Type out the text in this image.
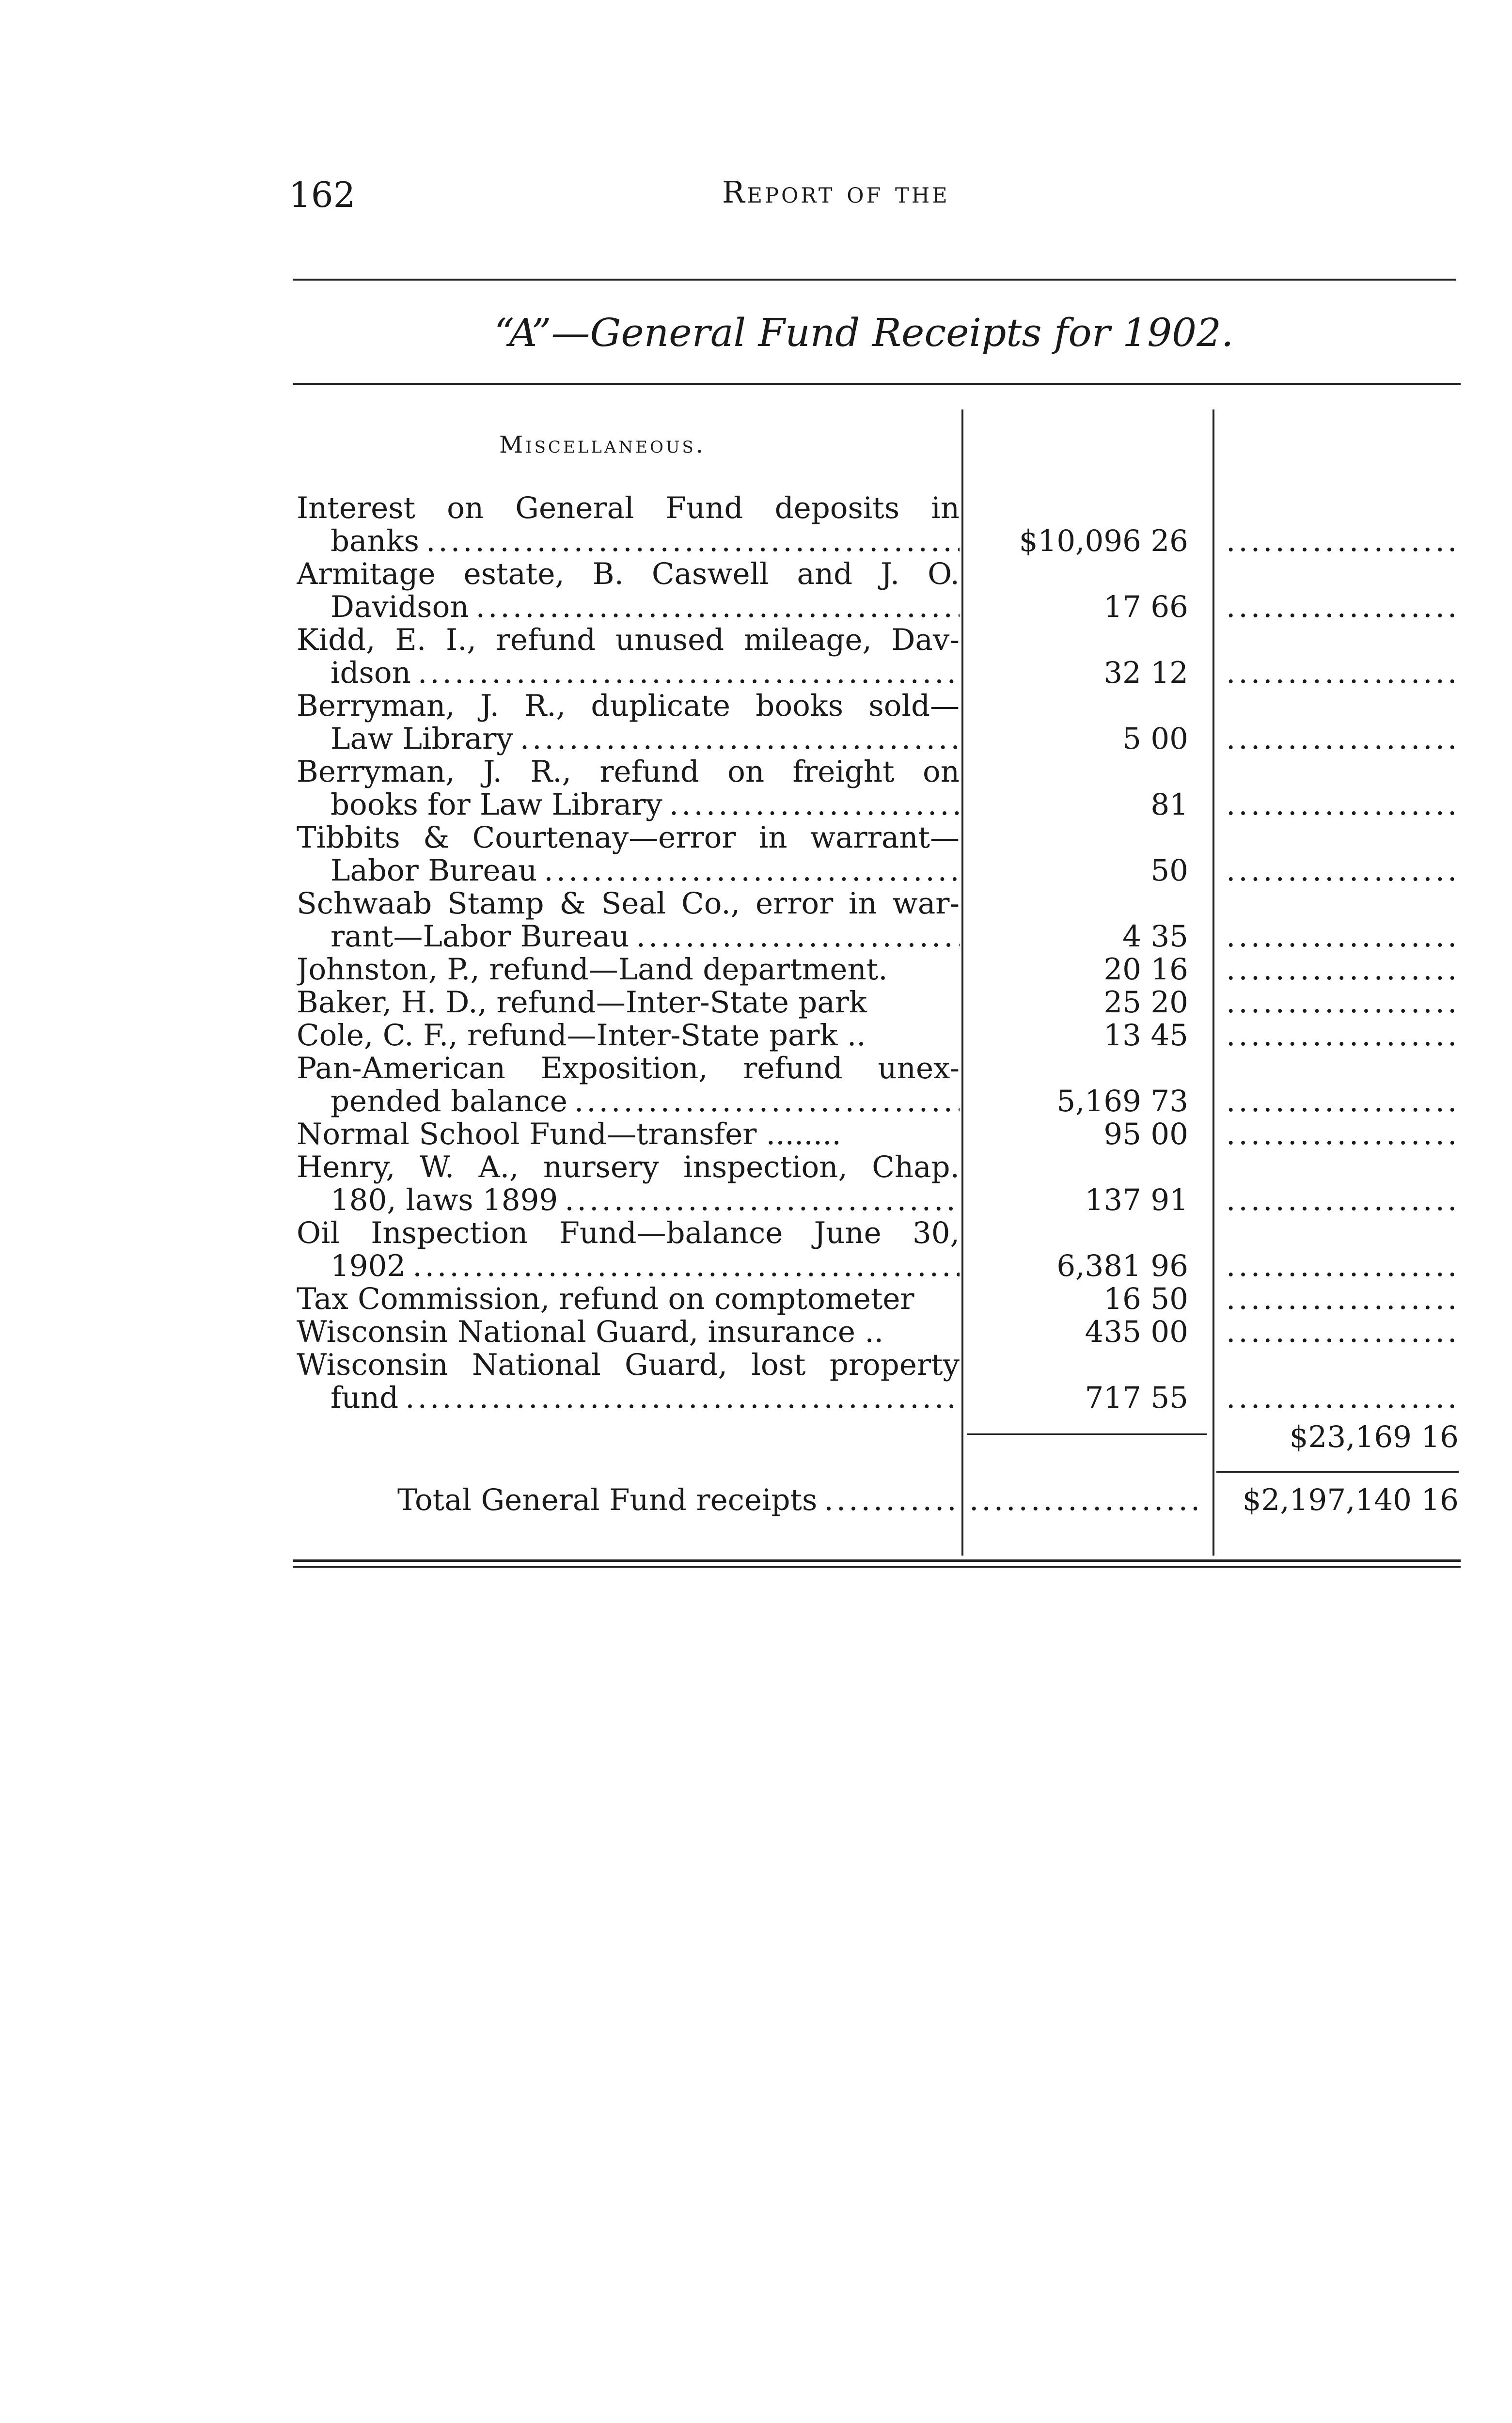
162	Report of the
“A”—General Fund Receipts for 1902.
Miscellaneous.
Interest on General Fund deposits in
banks .....	$10,096 26
.....
Armitage estate, B. Caswell and J. O.
Davidson .....	17 66
.....
Kidd, E. I., refund unused mileage, Dav-
idson .....	32 12
.....
Berryman, J. R., duplicate books sold—
Law Library .....	5 00
.....
Berryman, J. R., refund on freight on
books for Law Library .....	81
.....
Tibbits & Courtenay—error in warrant—
Labor Bureau .....	50
.....
Schwaab Stamp & Seal Co., error in war-
rant—Labor Bureau .....	4 35
.....
Johnston, P., refund—Land department.	20 16
.....
Baker, H. D., refund—Inter-State park	25 20
.....
Cole, C. F., refund—Inter-State park ..	13 45
.....
Pan-American Exposition, refund unex-
pended balance .....	5,169 73
.....
Normal School Fund—transfer ........	95 00
.....
Henry, W. A., nursery inspection, Chap.
180, laws 1899 .....	137 91
.....
Oil Inspection Fund—balance June 30,
1902 .....	6,381 96
.....
Tax Commission, refund on comptometer	16 50
.....
Wisconsin National Guard, insurance ..	435 00
.....
Wisconsin National Guard, lost property
fund .....	717 55
.....
$23,169 16
Total General Fund receipts ..... .....	$2,197,140 16
